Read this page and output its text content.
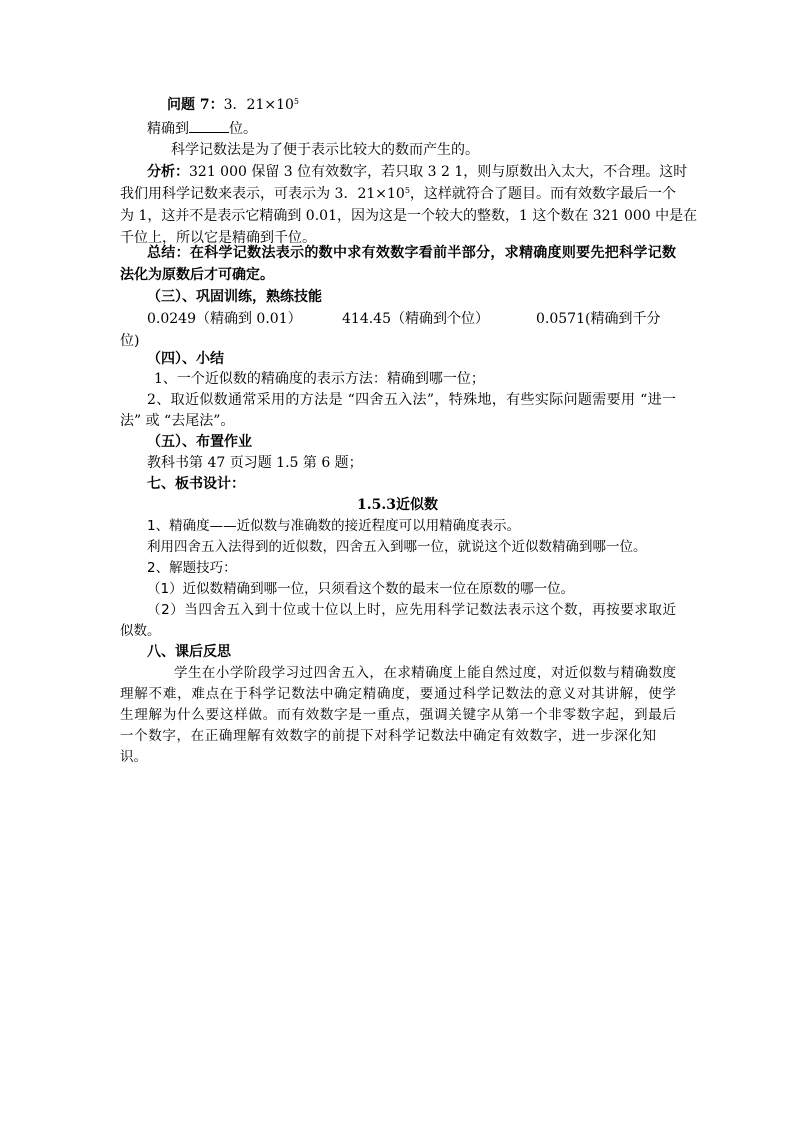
问题 7：3．$21\times 10^5$
精确到	位。
科学记数法是为了便于表示比较大的数而产生的。
分析：321 000 保留 3 位有效数字，若只取 3 2 1，则与原数出入太大，不合理。这时
我们用科学记数来表示，可表示为 3．$21\times 10^5$，这样就符合了题目。而有效数字最后一个
为 1，这并不是表示它精确到 0.01，因为这是一个较大的整数，1 这个数在 321 000 中是在
千位上，所以它是精确到千位。
总结：在科学记数法表示的数中求有效数字看前半部分，求精确度则要先把科学记数
法化为原数后才可确定。
（三）、巩固训练，熟练技能
0.0249（精确到 0.01）	414.45（精确到个位）	0.0571(精确到千分
位)
（四）、小结
1、一个近似数的精确度的表示方法：精确到哪一位；
2、取近似数通常采用的方法是 “四舍五入法”，特殊地，有些实际问题需要用 “进一
法” 或 “去尾法”。
（五）、布置作业
教科书第 47 页习题 1.5 第 6 题；
七、板书设计：
1.5.3近似数
1、精确度——近似数与准确数的接近程度可以用精确度表示。
利用四舍五入法得到的近似数，四舍五入到哪一位，就说这个近似数精确到哪一位。
2、解题技巧：
（1）近似数精确到哪一位，只须看这个数的最末一位在原数的哪一位。
（2）当四舍五入到十位或十位以上时，应先用科学记数法表示这个数，再按要求取近
似数。
八、课后反思
学生在小学阶段学习过四舍五入，在求精确度上能自然过度，对近似数与精确数度
理解不难，难点在于科学记数法中确定精确度，要通过科学记数法的意义对其讲解，使学
生理解为什么要这样做。而有效数字是一重点，强调关键字从第一个非零数字起，到最后
一个数字，在正确理解有效数字的前提下对科学记数法中确定有效数字，进一步深化知
识。
